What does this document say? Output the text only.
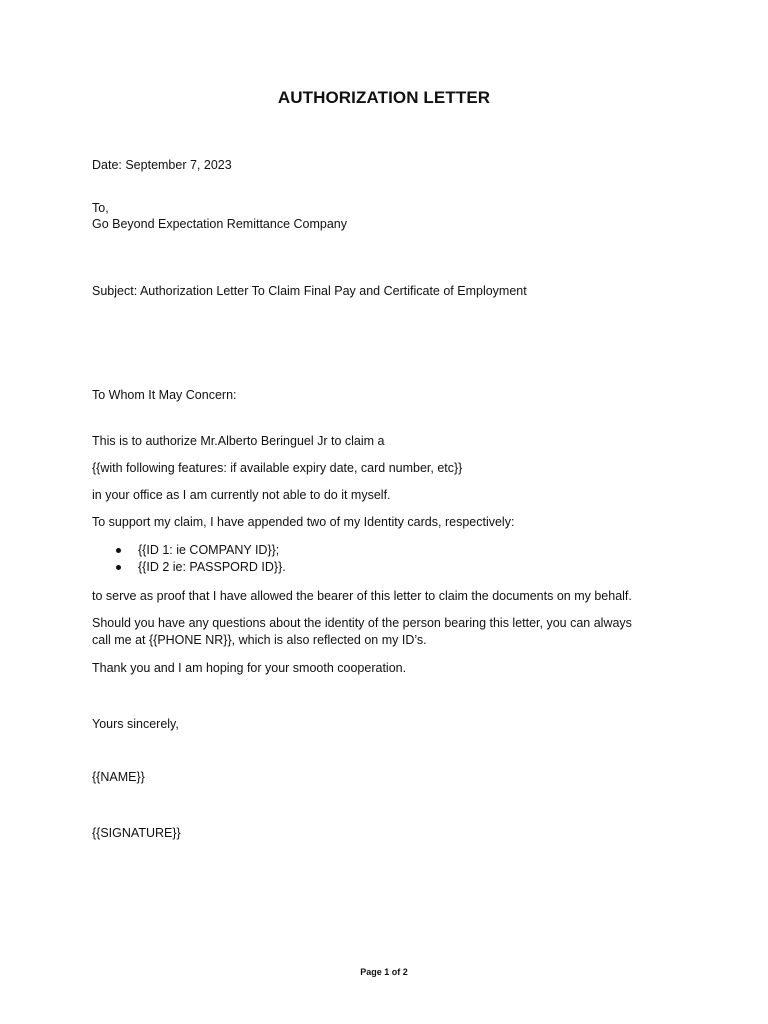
AUTHORIZATION LETTER
Date: September 7, 2023
To,
Go Beyond Expectation Remittance Company
Subject: Authorization Letter To Claim Final Pay and Certificate of Employment
To Whom It May Concern:
This is to authorize Mr.Alberto Beringuel Jr to claim a
{{with following features: if available expiry date, card number, etc}}
in your office as I am currently not able to do it myself.
To support my claim, I have appended two of my Identity cards, respectively:
{{ID 1: ie COMPANY ID}};
{{ID 2 ie: PASSPORD ID}}.
to serve as proof that I have allowed the bearer of this letter to claim the documents on my behalf.
Should you have any questions about the identity of the person bearing this letter, you can always
call me at {{PHONE NR}}, which is also reflected on my ID’s.
Thank you and I am hoping for your smooth cooperation.
Yours sincerely,
{{NAME}}
{{SIGNATURE}}
Page 1 of 2
